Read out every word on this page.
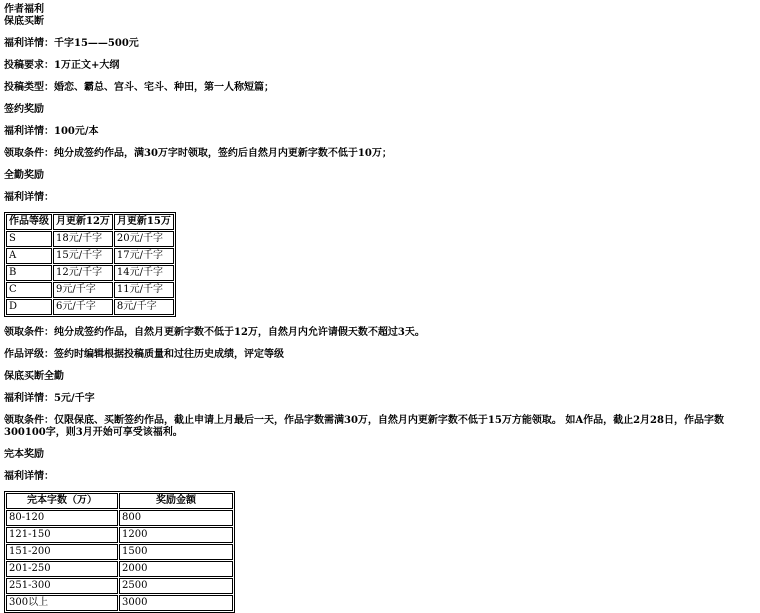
作者福利
保底买断
福利详情：千字15——500元
投稿要求：1万正文+大纲
投稿类型：婚恋、霸总、宫斗、宅斗、种田，第一人称短篇；
签约奖励
福利详情：100元/本
领取条件：纯分成签约作品，满30万字时领取，签约后自然月内更新字数不低于10万；
全勤奖励
福利详情：
作品等级	月更新12万	月更新15万
S	18元/千字	20元/千字
A	15元/千字	17元/千字
B	12元/千字	14元/千字
C	9元/千字	11元/千字
D	6元/千字	8元/千字
领取条件：纯分成签约作品，自然月更新字数不低于12万，自然月内允许请假天数不超过3天。
作品评级：签约时编辑根据投稿质量和过往历史成绩，评定等级
保底买断全勤
福利详情：5元/千字
领取条件：仅限保底、买断签约作品，截止申请上月最后一天，作品字数需满30万，自然月内更新字数不低于15万方能领取。 如A作品，截止2月28日，作品字数300100字，则3月开始可享受该福利。
完本奖励
福利详情：
完本字数（万）	奖励金额
80-120	800
121-150	1200
151-200	1500
201-250	2000
251-300	2500
300以上	3000
